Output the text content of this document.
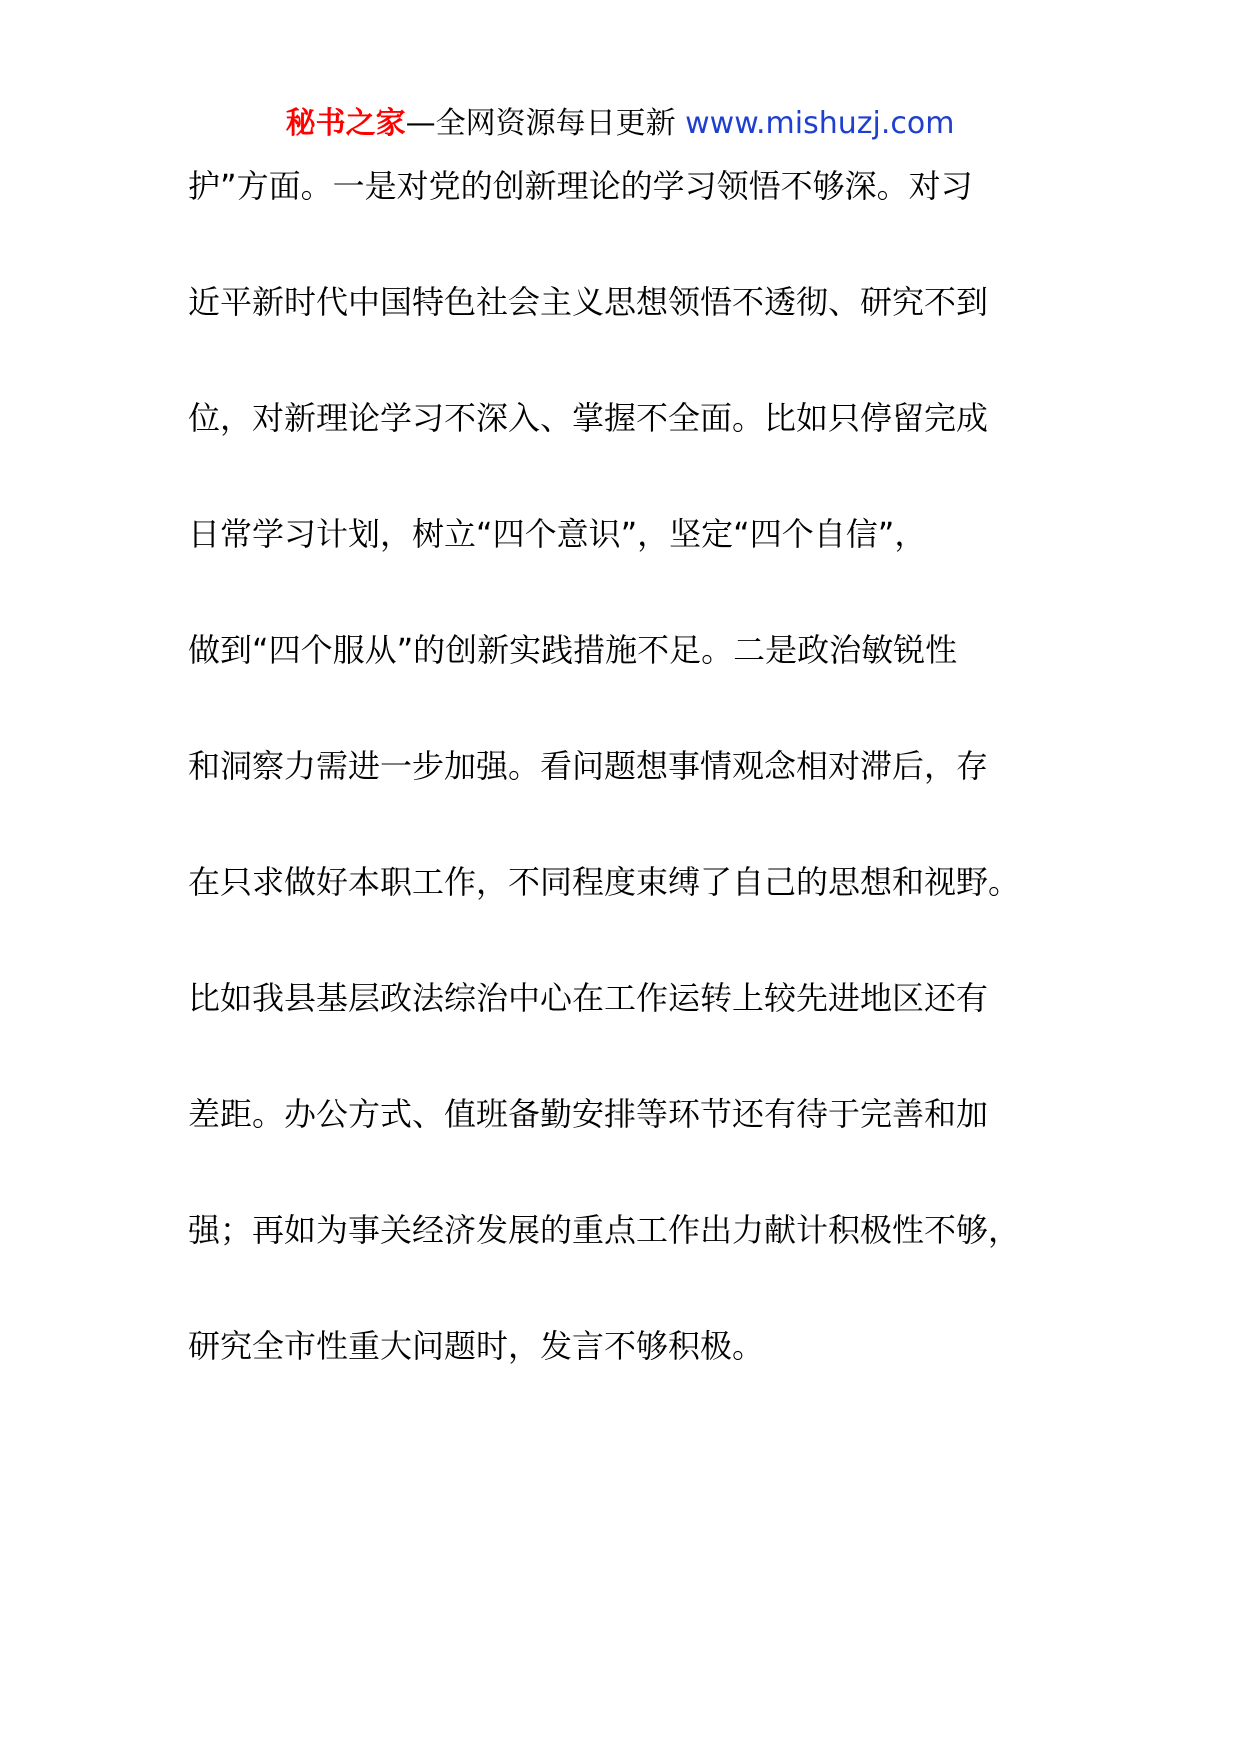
秘书之家—全网资源每日更新 www.mishuzj.com
护”方面。一是对党的创新理论的学习领悟不够深。对习
近平新时代中国特色社会主义思想领悟不透彻、研究不到
位，对新理论学习不深入、掌握不全面。比如只停留完成
日常学习计划，树立“四个意识”，坚定“四个自信”，
做到“四个服从”的创新实践措施不足。二是政治敏锐性
和洞察力需进一步加强。看问题想事情观念相对滞后，存
在只求做好本职工作，不同程度束缚了自己的思想和视野。
比如我县基层政法综治中心在工作运转上较先进地区还有
差距。办公方式、值班备勤安排等环节还有待于完善和加
强；再如为事关经济发展的重点工作出力献计积极性不够，
研究全市性重大问题时，发言不够积极。
